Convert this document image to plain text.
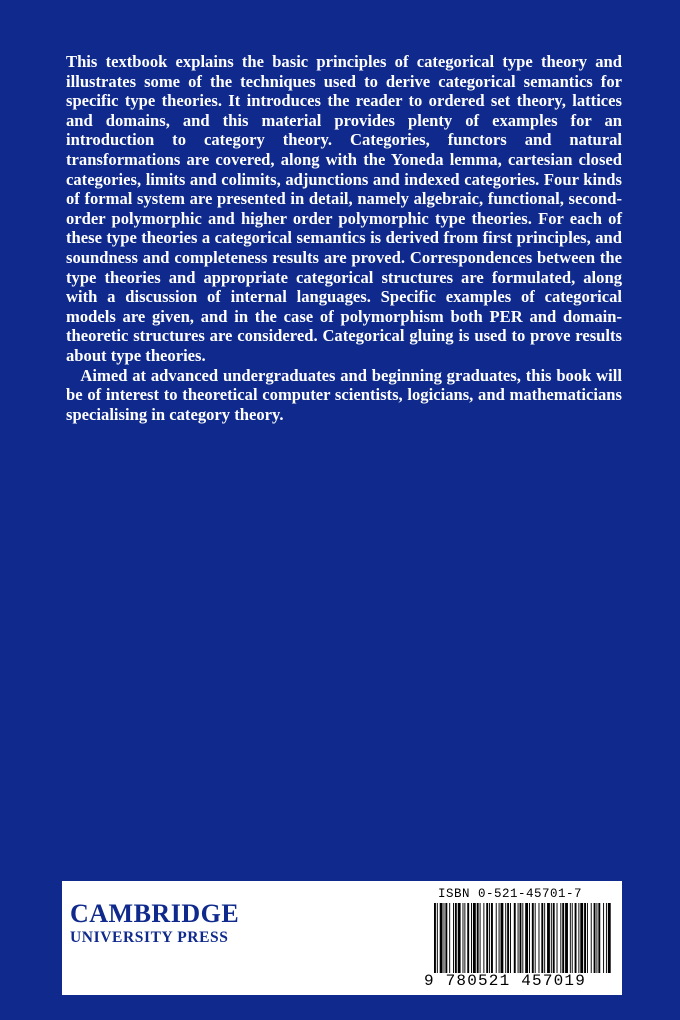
This textbook explains the basic principles of categorical type theory and illustrates some of the techniques used to derive categorical semantics for specific type theories. It introduces the reader to ordered set theory, lattices and domains, and this material provides plenty of examples for an introduction to category theory. Categories, functors and natural transformations are covered, along with the Yoneda lemma, cartesian closed categories, limits and colimits, adjunctions and indexed categories. Four kinds of formal system are presented in detail, namely algebraic, functional, second-order polymorphic and higher order polymorphic type theories. For each of these type theories a categorical semantics is derived from first principles, and soundness and completeness results are proved. Correspondences between the type theories and appropriate categorical structures are formulated, along with a discussion of internal languages. Specific examples of categorical models are given, and in the case of polymorphism both PER and domain-theoretic structures are considered. Categorical gluing is used to prove results about type theories.

Aimed at advanced undergraduates and beginning graduates, this book will be of interest to theoretical computer scientists, logicians, and mathematicians specialising in category theory.

CAMBRIDGE
UNIVERSITY PRESS
ISBN 0-521-45701-7
9 780521 457019
